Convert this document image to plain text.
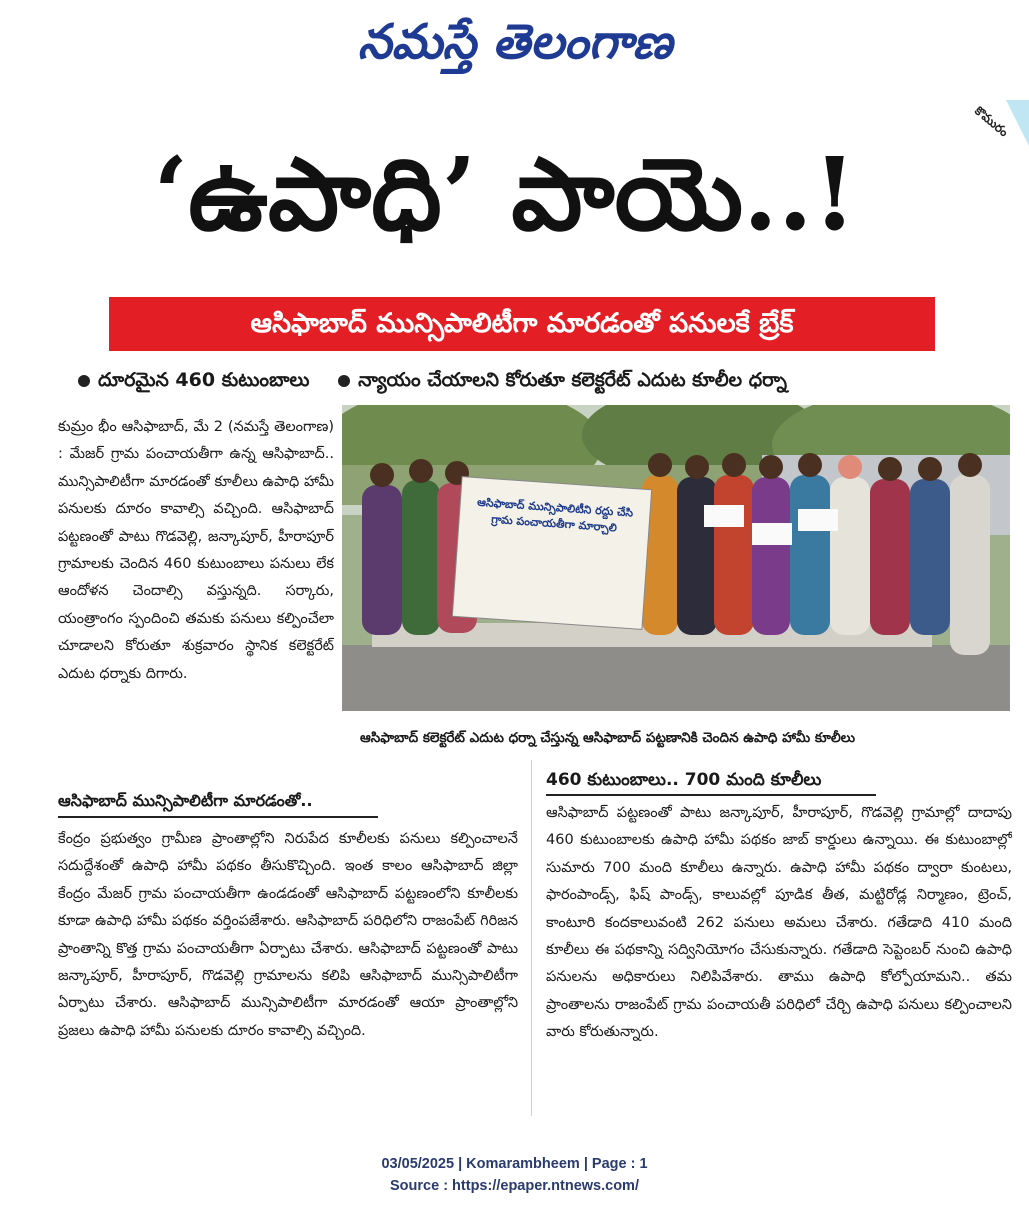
నమస్తే తెలంగాణ
కొమురం
‘ఉపాధి’ పాయె..!
ఆసిఫాబాద్ మున్సిపాలిటీగా మారడంతో పనులకే బ్రేక్
దూరమైన 460 కుటుంబాలు	న్యాయం చేయాలని కోరుతూ కలెక్టరేట్ ఎదుట కూలీల ధర్నా
కుమ్రం భీం ఆసిఫాబాద్, మే 2 (నమస్తే తెలంగాణ) : మేజర్ గ్రామ పంచాయతీగా ఉన్న ఆసిఫాబాద్.. మున్సిపాలిటీగా మారడంతో కూలీలు ఉపాధి హామీ పనులకు దూరం కావాల్సి వచ్చింది. ఆసిఫాబాద్ పట్టణంతో పాటు గొడవెల్లి, జన్కాపూర్, హీరాపూర్ గ్రామాలకు చెందిన 460 కుటుంబాలు పనులు లేక ఆందోళన చెందాల్సి వస్తున్నది. సర్కారు, యంత్రాంగం స్పందించి తమకు పనులు కల్పించేలా చూడాలని కోరుతూ శుక్రవారం స్థానిక కలెక్టరేట్ ఎదుట ధర్నాకు దిగారు.
ఆసిఫాబాద్ మున్సిపాలిటీని రద్దు చేసి గ్రామ పంచాయతీగా మార్చాలి
ఆసిఫాబాద్ కలెక్టరేట్ ఎదుట ధర్నా చేస్తున్న ఆసిఫాబాద్ పట్టణానికి చెందిన ఉపాధి హామీ కూలీలు
ఆసిఫాబాద్ మున్సిపాలిటీగా మారడంతో..
కేంద్రం ప్రభుత్వం గ్రామీణ ప్రాంతాల్లోని నిరుపేద కూలీలకు పనులు కల్పించాలనే సదుద్దేశంతో ఉపాధి హామీ పథకం తీసుకొచ్చింది. ఇంత కాలం ఆసిఫాబాద్ జిల్లా కేంద్రం మేజర్ గ్రామ పంచాయతీగా ఉండడంతో ఆసిఫాబాద్ పట్టణంలోని కూలీలకు కూడా ఉపాధి హామీ పథకం వర్తింపజేశారు. ఆసిఫాబాద్ పరిధిలోని రాజంపేట్ గిరిజన ప్రాంతాన్ని కొత్త గ్రామ పంచాయతీగా ఏర్పాటు చేశారు. ఆసిఫాబాద్ పట్టణంతో పాటు జన్కాపూర్, హీరాపూర్, గొడవెల్లి గ్రామాలను కలిపి ఆసిఫాబాద్ మున్సిపాలిటీగా ఏర్పాటు చేశారు. ఆసిఫాబాద్ మున్సిపాలిటీగా మారడంతో ఆయా ప్రాంతాల్లోని ప్రజలు ఉపాధి హామీ పనులకు దూరం కావాల్సి వచ్చింది.
460 కుటుంబాలు.. 700 మంది కూలీలు
ఆసిఫాబాద్ పట్టణంతో పాటు జన్కాపూర్, హీరాపూర్, గొడవెల్లి గ్రామాల్లో దాదాపు 460 కుటుంబాలకు ఉపాధి హామీ పథకం జాబ్ కార్డులు ఉన్నాయి. ఈ కుటుంబాల్లో సుమారు 700 మంది కూలీలు ఉన్నారు. ఉపాధి హామీ పథకం ద్వారా కుంటలు, ఫారంపాండ్స్, ఫిష్ పాండ్స్, కాలువల్లో పూడిక తీత, మట్టిరోడ్ల నిర్మాణం, ట్రెంచ్, కాంటూరి కందకాలువంటి 262 పనులు అమలు చేశారు. గతేడాది 410 మంది కూలీలు ఈ పథకాన్ని సద్వినియోగం చేసుకున్నారు. గతేడాది సెప్టెంబర్ నుంచి ఉపాధి పనులను అధికారులు నిలిపివేశారు. తాము ఉపాధి కోల్పోయామని.. తమ ప్రాంతాలను రాజంపేట్ గ్రామ పంచాయతీ పరిధిలో చేర్చి ఉపాధి పనులు కల్పించాలని వారు కోరుతున్నారు.
03/05/2025 | Komarambheem | Page : 1
Source : https://epaper.ntnews.com/
